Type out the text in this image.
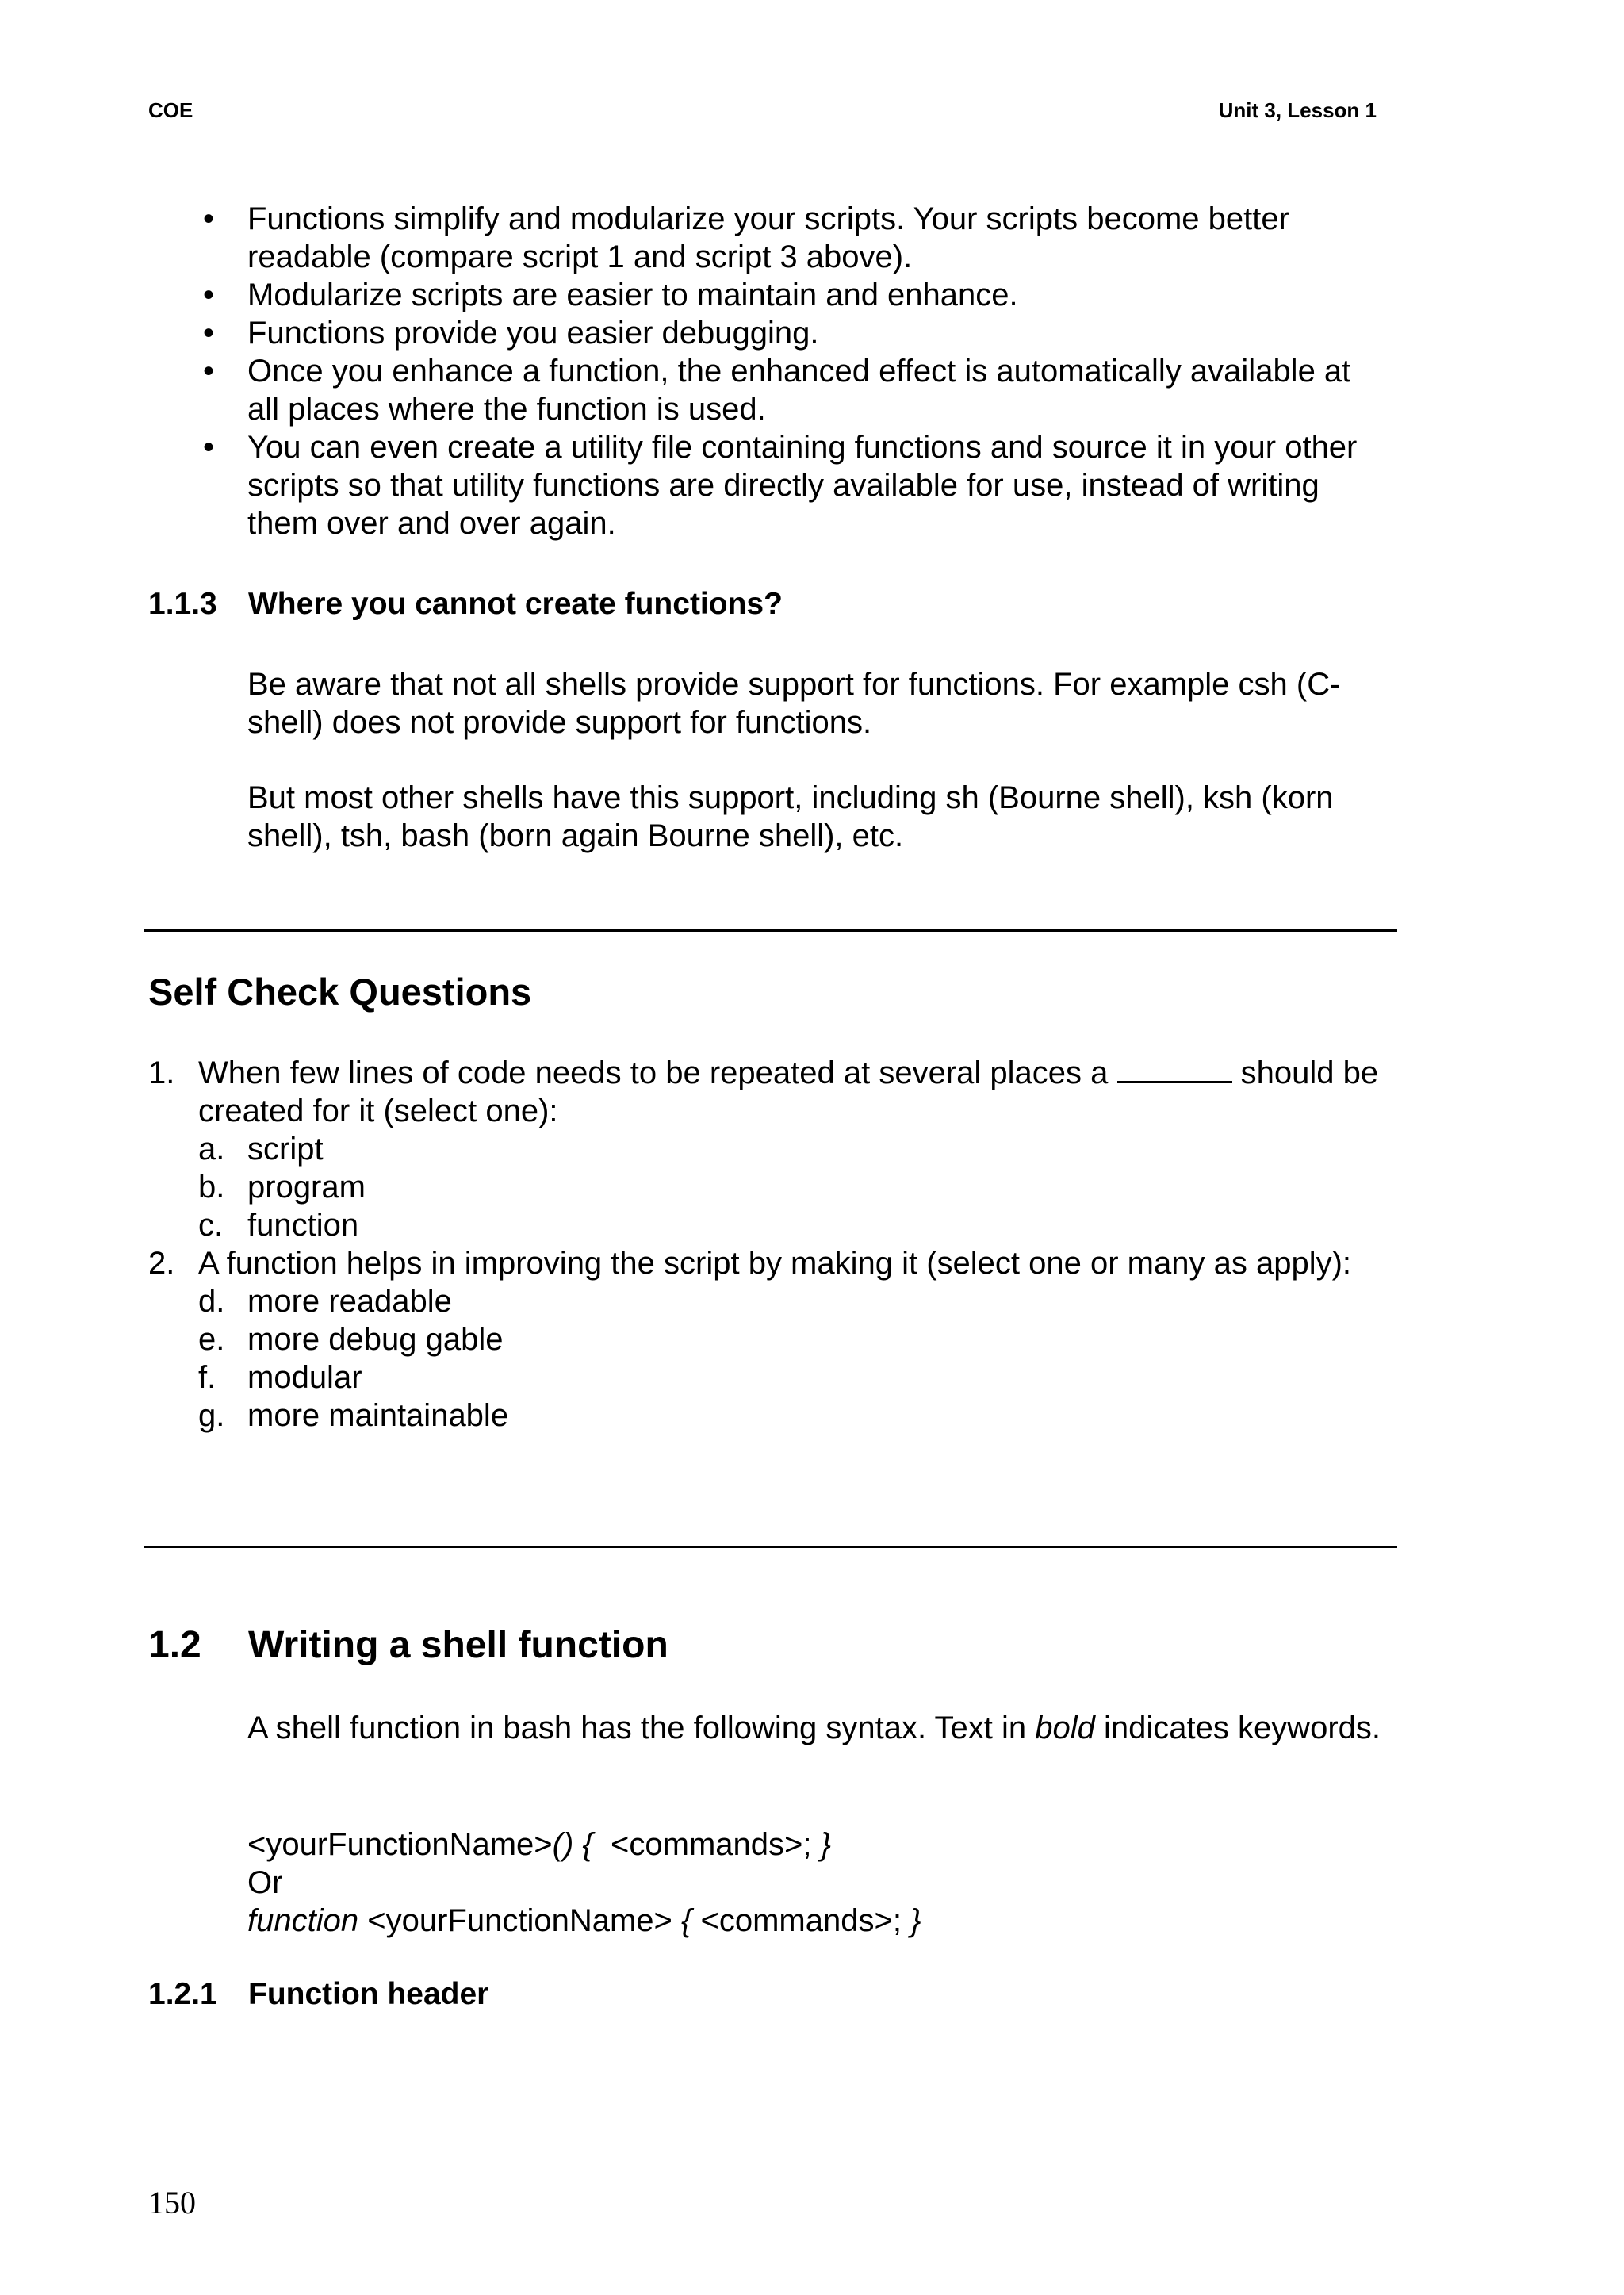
COE	Unit 3, Lesson 1
• Functions simplify and modularize your scripts. Your scripts become better readable (compare script 1 and script 3 above).
• Modularize scripts are easier to maintain and enhance.
• Functions provide you easier debugging.
• Once you enhance a function, the enhanced effect is automatically available at all places where the function is used.
• You can even create a utility file containing functions and source it in your other scripts so that utility functions are directly available for use, instead of writing them over and over again.
1.1.3 Where you cannot create functions?
Be aware that not all shells provide support for functions. For example csh (C-shell) does not provide support for functions.
But most other shells have this support, including sh (Bourne shell), ksh (korn shell), tsh, bash (born again Bourne shell), etc.
Self Check Questions
1. When few lines of code needs to be repeated at several places a	should be created for it (select one):
a. script
b. program
c. function
2. A function helps in improving the script by making it (select one or many as apply):
d. more readable
e. more debug gable
f. modular
g. more maintainable
1.2 Writing a shell function
A shell function in bash has the following syntax. Text in bold indicates keywords.
<yourFunctionName>() { <commands>; }
Or
function <yourFunctionName> { <commands>; }
1.2.1 Function header
150
